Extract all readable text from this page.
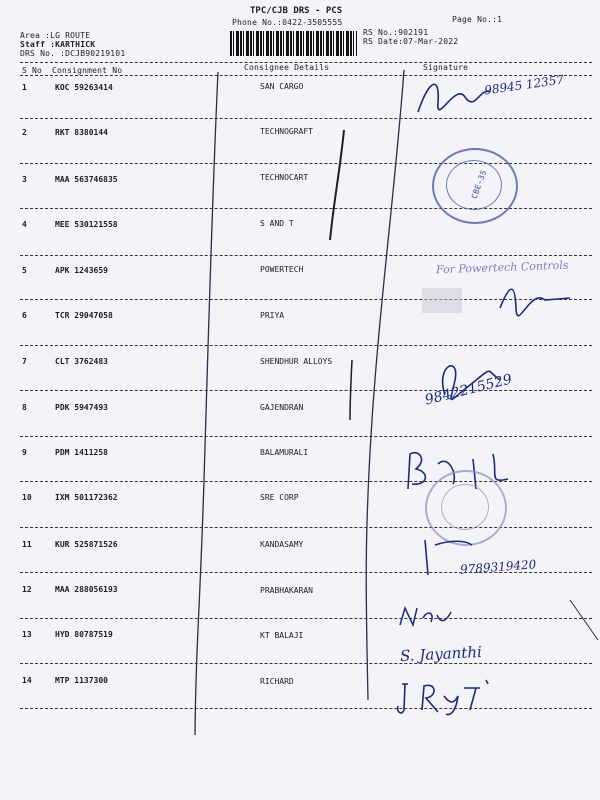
TPC/CJB DRS - PCS
Phone No.:0422-3505555	Page No.:1
RS No.:902191
RS Date:07-Mar-2022
Area :LG ROUTE
Staff :KARTHICK
DRS No. :DCJB90219101
S No Consignment No	Consignee Details	Signature
1	KOC 59263414	SAN CARGO
2	RKT 8380144	TECHNOGRAFT
3	MAA 563746835	TECHNOCART
4	MEE 530121558	S AND T
5	APK 1243659	POWERTECH
6	TCR 29047058	PRIYA
7	CLT 3762483	SHENDHUR ALLOYS
8	PDK 5947493	GAJENDRAN
9	PDM 1411258	BALAMURALI
10	IXM 501172362	SRE CORP
11	KUR 525871526	KANDASAMY
12	MAA 288056193	PRABHAKARAN
13	HYD 80787519	KT BALAJI
14	MTP 1137300	RICHARD
98945 12357
CBE-35
For Powertech Controls
9842215529
9789319420
S. Jayanthi
